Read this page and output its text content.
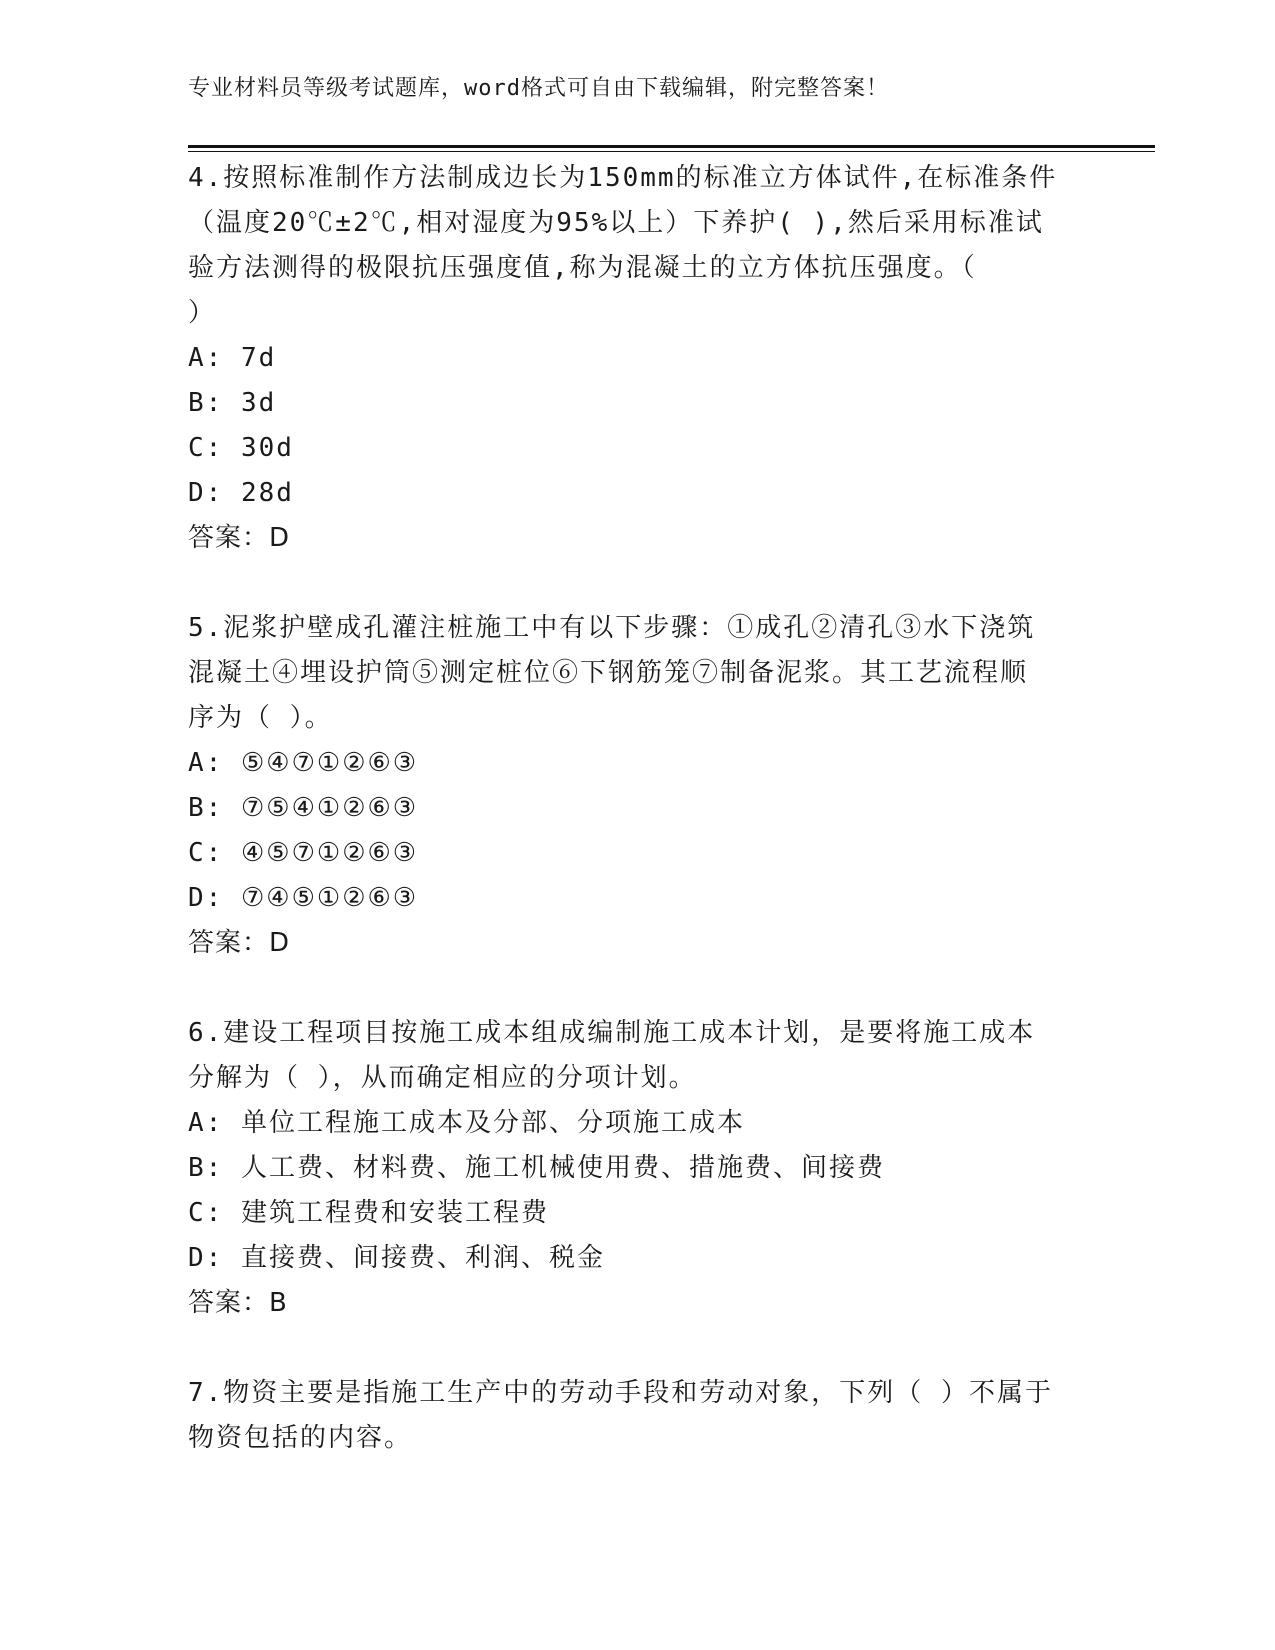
专业材料员等级考试题库，word格式可自由下载编辑，附完整答案！

4.按照标准制作方法制成边长为150mm的标准立方体试件,在标准条件

（温度20℃±2℃,相对湿度为95%以上）下养护( ),然后采用标准试

验方法测得的极限抗压强度值,称为混凝土的立方体抗压强度。（

）

A: 7d

B: 3d

C: 30d

D: 28d

答案：D

5.泥浆护壁成孔灌注桩施工中有以下步骤：①成孔②清孔③水下浇筑

混凝土④埋设护筒⑤测定桩位⑥下钢筋笼⑦制备泥浆。其工艺流程顺

序为（ ）。

A: ⑤④⑦①②⑥③

B: ⑦⑤④①②⑥③

C: ④⑤⑦①②⑥③

D: ⑦④⑤①②⑥③

答案：D

6.建设工程项目按施工成本组成编制施工成本计划，是要将施工成本

分解为（ ），从而确定相应的分项计划。

A: 单位工程施工成本及分部、分项施工成本

B: 人工费、材料费、施工机械使用费、措施费、间接费

C: 建筑工程费和安装工程费

D: 直接费、间接费、利润、税金

答案：B

7.物资主要是指施工生产中的劳动手段和劳动对象，下列（ ）不属于

物资包括的内容。
